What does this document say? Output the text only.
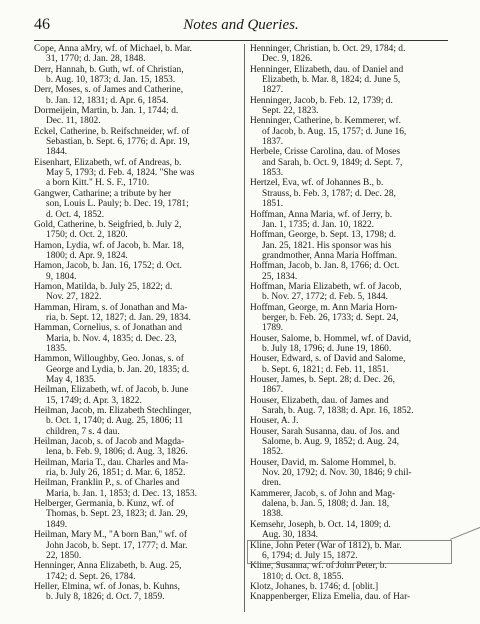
46	Notes and Queries.
Cope, Anna aMry, wf. of Michael, b. Mar.
31, 1770; d. Jan. 28, 1848.
Derr, Hannah, b. Guth, wf. of Christian,
b. Aug. 10, 1873; d. Jan. 15, 1853.
Derr, Moses, s. of James and Catherine,
b. Jan. 12, 1831; d. Apr. 6, 1854.
Dormeijein, Martin, b. Jan. 1, 1744; d.
Dec. 11, 1802.
Eckel, Catherine, b. Reifschneider, wf. of
Sebastian, b. Sept. 6, 1776; d. Apr. 19,
1844.
Eisenhart, Elizabeth, wf. of Andreas, b.
May 5, 1793; d. Feb. 4, 1824. "She was
a born Kitt." H. S. F., 1710.
Gangwer, Catharine; a tribute by her
son, Louis L. Pauly; b. Dec. 19, 1781;
d. Oct. 4, 1852.
Gold, Catherine, b. Seigfried, b. July 2,
1750; d. Oct. 2, 1820.
Hamon, Lydia, wf. of Jacob, b. Mar. 18,
1800; d. Apr. 9, 1824.
Hamon, Jacob, b. Jan. 16, 1752; d. Oct.
9, 1804.
Hamon, Matilda, b. July 25, 1822; d.
Nov. 27, 1822.
Hamman, Hiram, s. of Jonathan and Ma-
ria, b. Sept. 12, 1827; d. Jan. 29, 1834.
Hamman, Cornelius, s. of Jonathan and
Maria, b. Nov. 4, 1835; d. Dec. 23,
1835.
Hammon, Willoughby, Geo. Jonas, s. of
George and Lydia, b. Jan. 20, 1835; d.
May 4, 1835.
Heilman, Elizabeth, wf. of Jacob, b. June
15, 1749; d. Apr. 3, 1822.
Heilman, Jacob, m. Elizabeth Stechlinger,
b. Oct. 1, 1740; d. Aug. 25, 1806; 11
children, 7 s. 4 dau.
Heilman, Jacob, s. of Jacob and Magda-
lena, b. Feb. 9, 1806; d. Aug. 3, 1826.
Heilman, Maria T., dau. Charles and Ma-
ria, b. July 26, 1851; d. Mar. 6, 1852.
Heilman, Franklin P., s. of Charles and
Maria, b. Jan. 1, 1853; d. Dec. 13, 1853.
Helberger, Germania, b. Kunz, wf. of
Thomas, b. Sept. 23, 1823; d. Jan. 29,
1849.
Heilman, Mary M., "A born Ban," wf. of
John Jacob, b. Sept. 17, 1777; d. Mar.
22, 1850.
Henninger, Anna Elizabeth, b. Aug. 25,
1742; d. Sept. 26, 1784.
Heller, Elmina, wf. of Jonas, b. Kuhns,
b. July 8, 1826; d. Oct. 7, 1859.
Henninger, Christian, b. Oct. 29, 1784; d.
Dec. 9, 1826.
Henninger, Elizabeth, dau. of Daniel and
Elizabeth, b. Mar. 8, 1824; d. June 5,
1827.
Henninger, Jacob, b. Feb. 12, 1739; d.
Sept. 22, 1823.
Henninger, Catherine, b. Kemmerer, wf.
of Jacob, b. Aug. 15, 1757; d. June 16,
1837.
Herbele, Crisse Carolina, dau. of Moses
and Sarah, b. Oct. 9, 1849; d. Sept. 7,
1853.
Hertzel, Eva, wf. of Johannes B., b.
Strauss, b. Feb. 3, 1787; d. Dec. 28,
1851.
Hoffman, Anna Maria, wf. of Jerry, b.
Jan. 1, 1735; d. Jan. 10, 1822.
Hoffman, George, b. Sept. 13, 1798; d.
Jan. 25, 1821. His sponsor was his
grandmother, Anna Maria Hoffman.
Hoffman, Jacob, b. Jan. 8, 1766; d. Oct.
25, 1834.
Hoffman, Maria Elizabeth, wf. of Jacob,
b. Nov. 27, 1772; d. Feb. 5, 1844.
Hoffman, George, m. Ann Maria Horn-
berger, b. Feb. 26, 1733; d. Sept. 24,
1789.
Houser, Salome, b. Hommel, wf. of David,
b. July 18, 1796; d. June 19, 1860.
Houser, Edward, s. of David and Salome,
b. Sept. 6, 1821; d. Feb. 11, 1851.
Houser, James, b. Sept. 28; d. Dec. 26,
1867.
Houser, Elizabeth, dau. of James and
Sarah, b. Aug. 7, 1838; d. Apr. 16, 1852.
Houser, A. J.
Houser, Sarah Susanna, dau. of Jos. and
Salome, b. Aug. 9, 1852; d. Aug. 24,
1852.
Houser, David, m. Salome Hommel, b.
Nov. 20, 1792; d. Nov. 30, 1846; 9 chil-
dren.
Kammerer, Jacob, s. of John and Mag-
dalena, b. Jan. 5, 1808; d. Jan. 18,
1838.
Kemsehr, Joseph, b. Oct. 14, 1809; d.
Aug. 30, 1834.
Kline, John Peter (War of 1812), b. Mar.
6, 1794; d. July 15, 1872.
Kline, Susanna, wf. of John Peter, b.
1810; d. Oct. 8, 1855.
Klotz, Johanes, b. 1746; d. [oblit.]
Knappenberger, Eliza Emelia, dau. of Har-
